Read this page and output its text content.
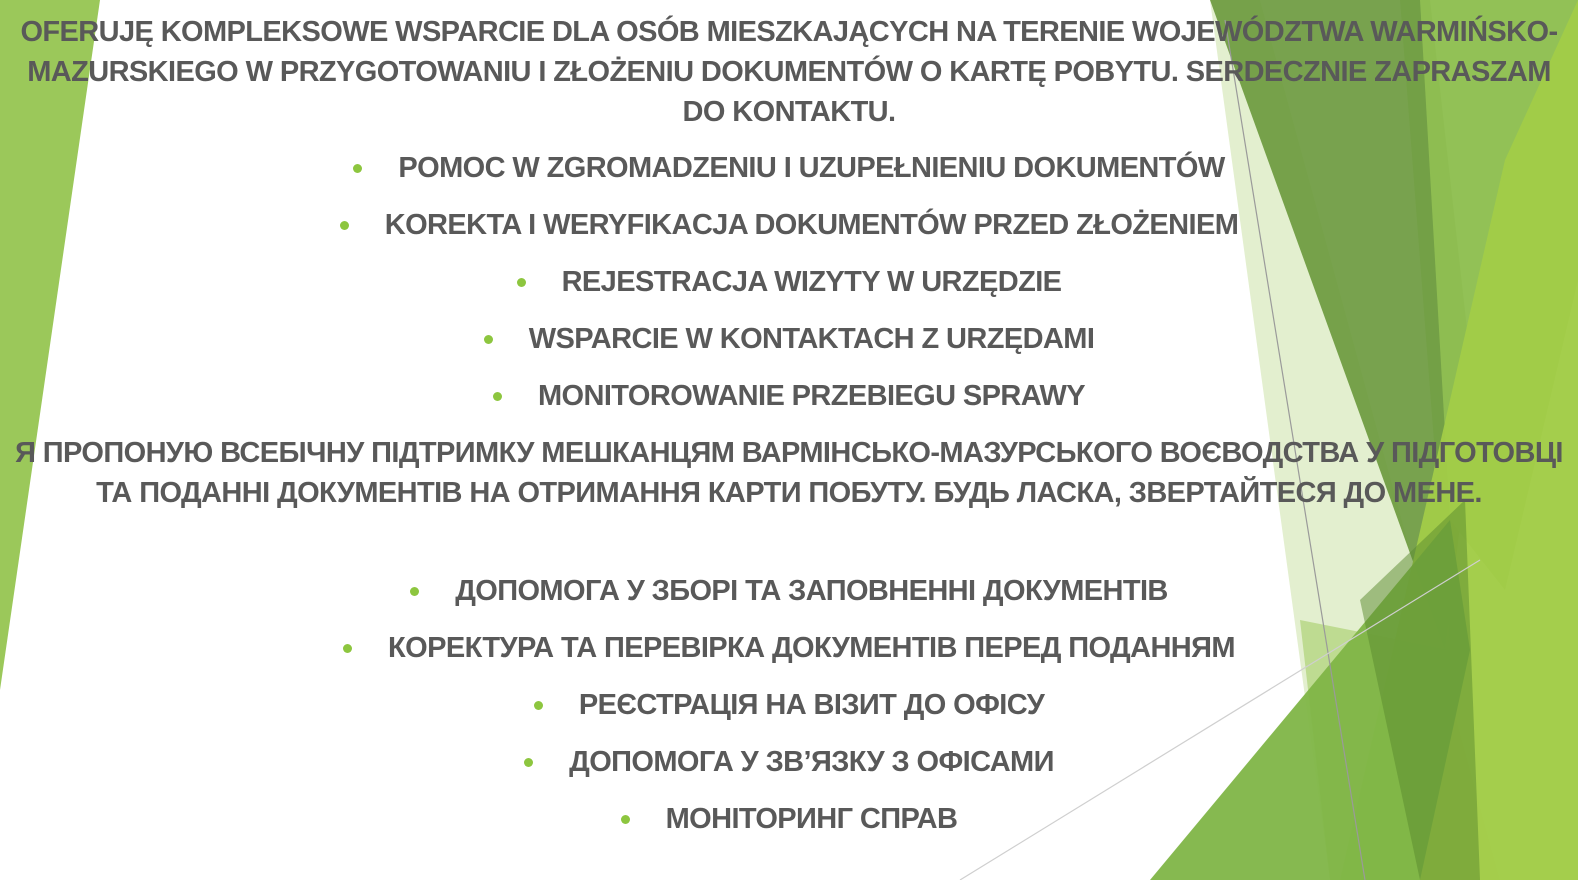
OFERUJĘ KOMPLEKSOWE WSPARCIE DLA OSÓB MIESZKAJĄCYCH NA TERENIE WOJEWÓDZTWA WARMIŃSKO-MAZURSKIEGO W PRZYGOTOWANIU I ZŁOŻENIU DOKUMENTÓW O KARTĘ POBYTU. SERDECZNIE ZAPRASZAM DO KONTAKTU.

POMOC W ZGROMADZENIU I UZUPEŁNIENIU DOKUMENTÓW
KOREKTA I WERYFIKACJA DOKUMENTÓW PRZED ZŁOŻENIEM
REJESTRACJA WIZYTY W URZĘDZIE
WSPARCIE W KONTAKTACH Z URZĘDAMI
MONITOROWANIE PRZEBIEGU SPRAWY

Я ПРОПОНУЮ ВСЕБІЧНУ ПІДТРИМКУ МЕШКАНЦЯМ ВАРМІНСЬКО-МАЗУРСЬКОГО ВОЄВОДСТВА У ПІДГОТОВЦІ ТА ПОДАННІ ДОКУМЕНТІВ НА ОТРИМАННЯ КАРТИ ПОБУТУ. БУДЬ ЛАСКА, ЗВЕРТАЙТЕСЯ ДО МЕНЕ.

ДОПОМОГА У ЗБОРІ ТА ЗАПОВНЕННІ ДОКУМЕНТІВ
КОРЕКТУРА ТА ПЕРЕВІРКА ДОКУМЕНТІВ ПЕРЕД ПОДАННЯМ
РЕЄСТРАЦІЯ НА ВІЗИТ ДО ОФІСУ
ДОПОМОГА У ЗВ’ЯЗКУ З ОФІСАМИ
МОНІТОРИНГ СПРАВ
